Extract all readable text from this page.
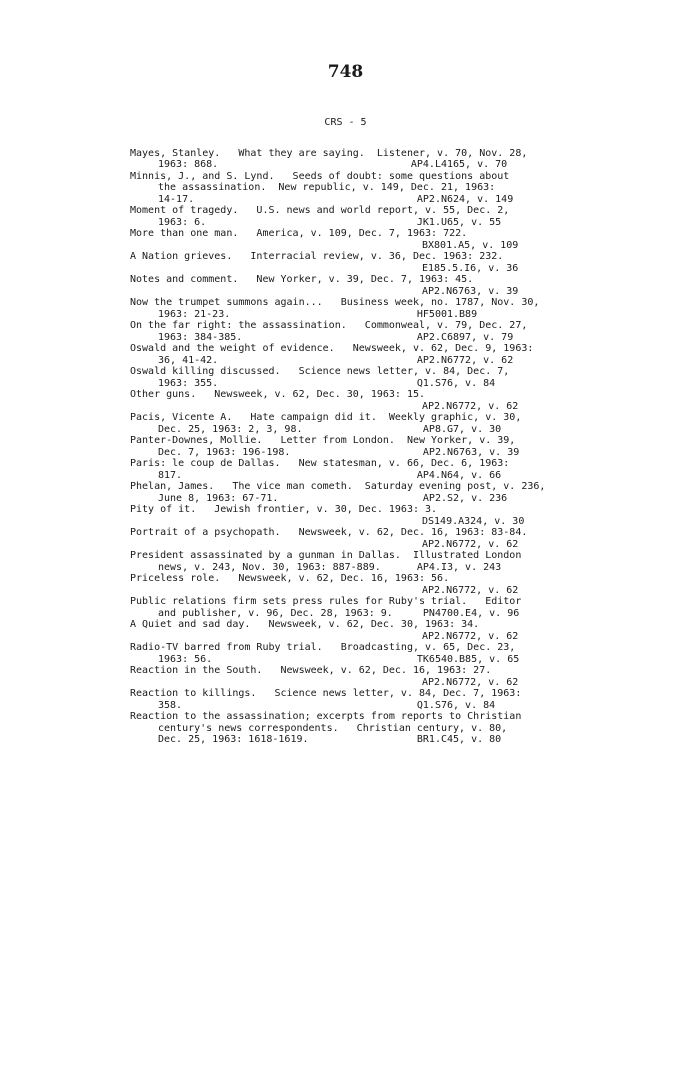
748
CRS - 5
Mayes, Stanley.   What they are saying.  Listener, v. 70, Nov. 28,
1963: 868.                                AP4.L4165, v. 70
Minnis, J., and S. Lynd.   Seeds of doubt: some questions about
the assassination.  New republic, v. 149, Dec. 21, 1963:
14-17.                                     AP2.N624, v. 149
Moment of tragedy.   U.S. news and world report, v. 55, Dec. 2,
1963: 6.                                   JK1.U65, v. 55
More than one man.   America, v. 109, Dec. 7, 1963: 722.
BX801.A5, v. 109
A Nation grieves.   Interracial review, v. 36, Dec. 1963: 232.
E185.5.I6, v. 36
Notes and comment.   New Yorker, v. 39, Dec. 7, 1963: 45.
AP2.N6763, v. 39
Now the trumpet summons again...   Business week, no. 1787, Nov. 30,
1963: 21-23.                               HF5001.B89
On the far right: the assassination.   Commonweal, v. 79, Dec. 27,
1963: 384-385.                             AP2.C6897, v. 79
Oswald and the weight of evidence.   Newsweek, v. 62, Dec. 9, 1963:
36, 41-42.                                 AP2.N6772, v. 62
Oswald killing discussed.   Science news letter, v. 84, Dec. 7,
1963: 355.                                 Q1.S76, v. 84
Other guns.   Newsweek, v. 62, Dec. 30, 1963: 15.
AP2.N6772, v. 62
Pacis, Vicente A.   Hate campaign did it.  Weekly graphic, v. 30,
Dec. 25, 1963: 2, 3, 98.                    AP8.G7, v. 30
Panter-Downes, Mollie.   Letter from London.  New Yorker, v. 39,
Dec. 7, 1963: 196-198.                      AP2.N6763, v. 39
Paris: le coup de Dallas.   New statesman, v. 66, Dec. 6, 1963:
817.                                       AP4.N64, v. 66
Phelan, James.   The vice man cometh.  Saturday evening post, v. 236,
June 8, 1963: 67-71.                        AP2.S2, v. 236
Pity of it.   Jewish frontier, v. 30, Dec. 1963: 3.
DS149.A324, v. 30
Portrait of a psychopath.   Newsweek, v. 62, Dec. 16, 1963: 83-84.
AP2.N6772, v. 62
President assassinated by a gunman in Dallas.  Illustrated London
news, v. 243, Nov. 30, 1963: 887-889.      AP4.I3, v. 243
Priceless role.   Newsweek, v. 62, Dec. 16, 1963: 56.
AP2.N6772, v. 62
Public relations firm sets press rules for Ruby's trial.   Editor
and publisher, v. 96, Dec. 28, 1963: 9.     PN4700.E4, v. 96
A Quiet and sad day.   Newsweek, v. 62, Dec. 30, 1963: 34.
AP2.N6772, v. 62
Radio-TV barred from Ruby trial.   Broadcasting, v. 65, Dec. 23,
1963: 56.                                  TK6540.B85, v. 65
Reaction in the South.   Newsweek, v. 62, Dec. 16, 1963: 27.
AP2.N6772, v. 62
Reaction to killings.   Science news letter, v. 84, Dec. 7, 1963:
358.                                       Q1.S76, v. 84
Reaction to the assassination; excerpts from reports to Christian
century's news correspondents.   Christian century, v. 80,
Dec. 25, 1963: 1618-1619.                  BR1.C45, v. 80
